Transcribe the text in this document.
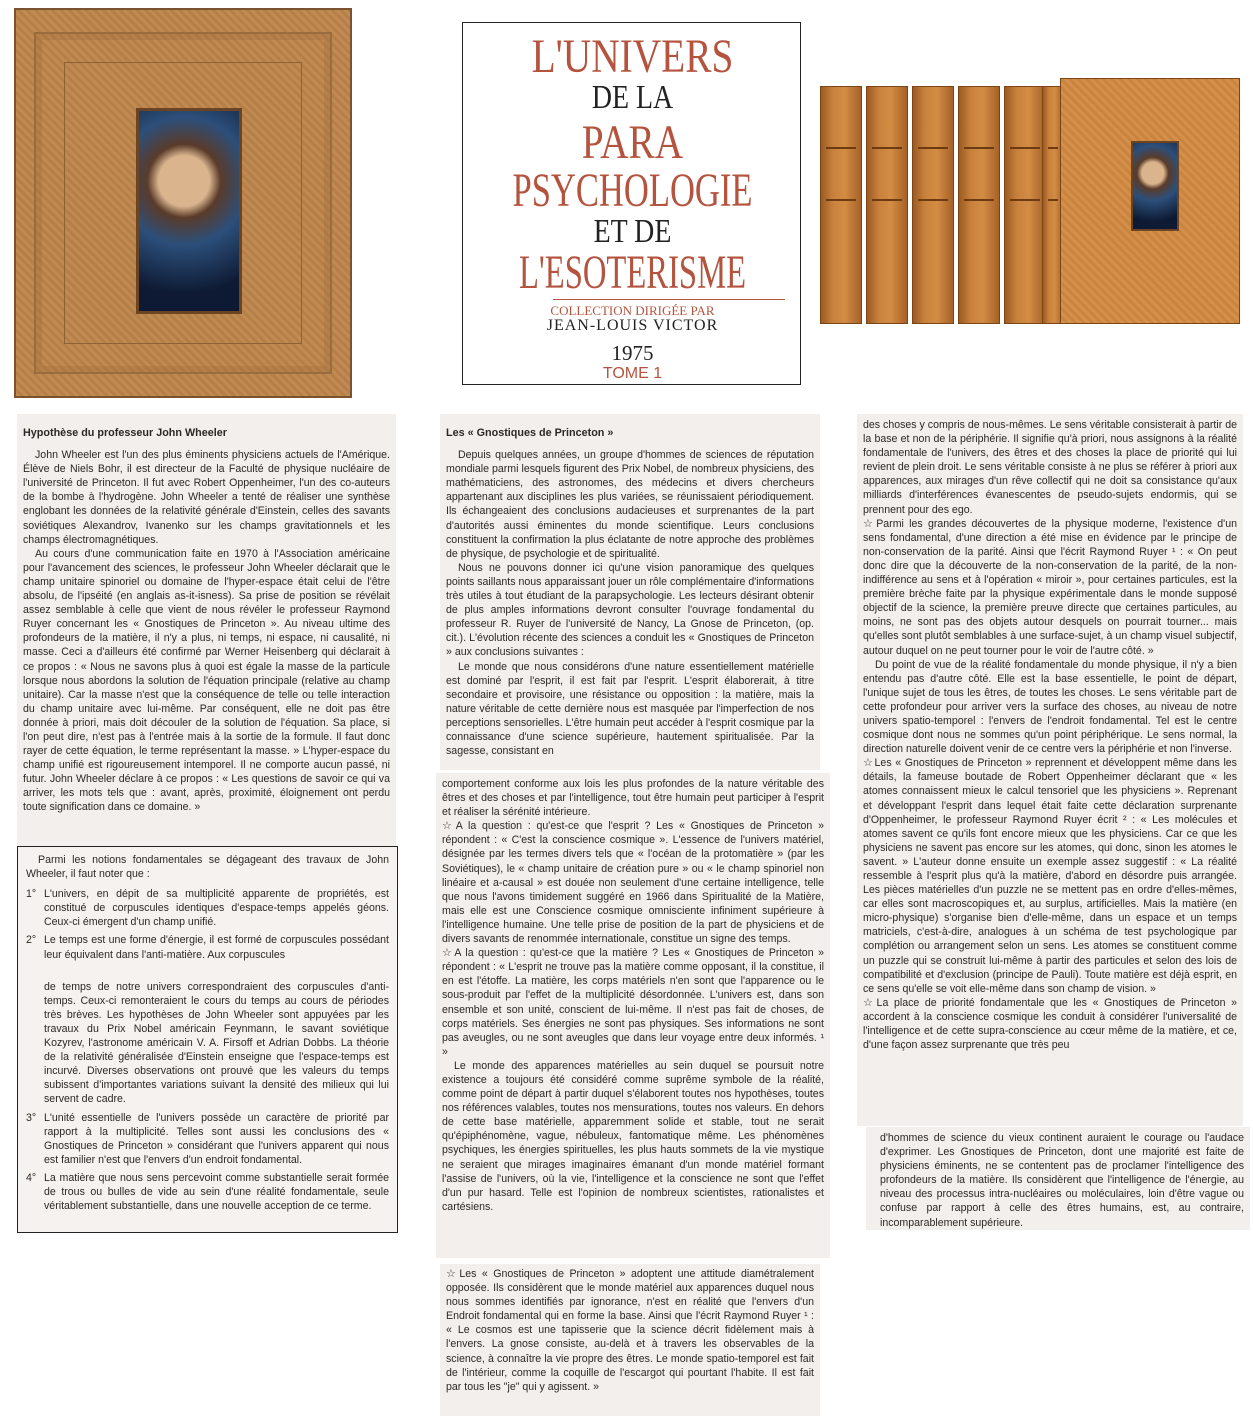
L'UNIVERS
DE LA
PARA
PSYCHOLOGIE
ET DE
L'ESOTERISME
COLLECTION DIRIGÉE PAR
JEAN-LOUIS VICTOR
1975
TOME 1
Hypothèse du professeur John Wheeler

John Wheeler est l'un des plus éminents physiciens actuels de l'Amérique. Élève de Niels Bohr, il est directeur de la Faculté de physique nucléaire de l'université de Princeton. Il fut avec Robert Oppenheimer, l'un des co-auteurs de la bombe à l'hydrogène. John Wheeler a tenté de réaliser une synthèse englobant les données de la relativité générale d'Einstein, celles des savants soviétiques Alexandrov, Ivanenko sur les champs gravitationnels et les champs électromagnétiques.

Au cours d'une communication faite en 1970 à l'Association américaine pour l'avancement des sciences, le professeur John Wheeler déclarait que le champ unitaire spinoriel ou domaine de l'hyper-espace était celui de l'être absolu, de l'ipséité (en anglais as-it-isness). Sa prise de position se révélait assez semblable à celle que vient de nous révéler le professeur Raymond Ruyer concernant les « Gnostiques de Princeton ». Au niveau ultime des profondeurs de la matière, il n'y a plus, ni temps, ni espace, ni causalité, ni masse. Ceci a d'ailleurs été confirmé par Werner Heisenberg qui déclarait à ce propos : « Nous ne savons plus à quoi est égale la masse de la particule lorsque nous abordons la solution de l'équation principale (relative au champ unitaire). Car la masse n'est que la conséquence de telle ou telle interaction du champ unitaire avec lui-même. Par conséquent, elle ne doit pas être donnée à priori, mais doit découler de la solution de l'équation. Sa place, si l'on peut dire, n'est pas à l'entrée mais à la sortie de la formule. Il faut donc rayer de cette équation, le terme représentant la masse. » L'hyper-espace du champ unifié est rigoureusement intemporel. Il ne comporte aucun passé, ni futur. John Wheeler déclare à ce propos : « Les questions de savoir ce qui va arriver, les mots tels que : avant, après, proximité, éloignement ont perdu toute signification dans ce domaine. »

Parmi les notions fondamentales se dégageant des travaux de John Wheeler, il faut noter que :

1° L'univers, en dépit de sa multiplicité apparente de propriétés, est constitué de corpuscules identiques d'espace-temps appelés géons. Ceux-ci émergent d'un champ unifié.

2° Le temps est une forme d'énergie, il est formé de corpuscules possédant leur équivalent dans l'anti-matière. Aux corpuscules

de temps de notre univers correspondraient des corpuscules d'anti-temps. Ceux-ci remonteraient le cours du temps au cours de périodes très brèves. Les hypothèses de John Wheeler sont appuyées par les travaux du Prix Nobel américain Feynmann, le savant soviétique Kozyrev, l'astronome américain V. A. Firsoff et Adrian Dobbs. La théorie de la relativité généralisée d'Einstein enseigne que l'espace-temps est incurvé. Diverses observations ont prouvé que les valeurs du temps subissent d'importantes variations suivant la densité des milieux qui lui servent de cadre.

3° L'unité essentielle de l'univers possède un caractère de priorité par rapport à la multiplicité. Telles sont aussi les conclusions des « Gnostiques de Princeton » considérant que l'univers apparent qui nous est familier n'est que l'envers d'un endroit fondamental.

4° La matière que nous sens percevoint comme substantielle serait formée de trous ou bulles de vide au sein d'une réalité fondamentale, seule véritablement substantielle, dans une nouvelle acception de ce terme.

Les « Gnostiques de Princeton »

Depuis quelques années, un groupe d'hommes de sciences de réputation mondiale parmi lesquels figurent des Prix Nobel, de nombreux physiciens, des mathématiciens, des astronomes, des médecins et divers chercheurs appartenant aux disciplines les plus variées, se réunissaient périodiquement. Ils échangeaient des conclusions audacieuses et surprenantes de la part d'autorités aussi éminentes du monde scientifique. Leurs conclusions constituent la confirmation la plus éclatante de notre approche des problèmes de physique, de psychologie et de spiritualité.

Nous ne pouvons donner ici qu'une vision panoramique des quelques points saillants nous apparaissant jouer un rôle complémentaire d'informations très utiles à tout étudiant de la parapsychologie. Les lecteurs désirant obtenir de plus amples informations devront consulter l'ouvrage fondamental du professeur R. Ruyer de l'université de Nancy, La Gnose de Princeton, (op. cit.). L'évolution récente des sciences a conduit les « Gnostiques de Princeton » aux conclusions suivantes :

Le monde que nous considérons d'une nature essentiellement matérielle est dominé par l'esprit, il est fait par l'esprit. L'esprit élaborerait, à titre secondaire et provisoire, une résistance ou opposition : la matière, mais la nature véritable de cette dernière nous est masquée par l'imperfection de nos perceptions sensorielles. L'être humain peut accéder à l'esprit cosmique par la connaissance d'une science supérieure, hautement spiritualisée. Par la sagesse, consistant en

comportement conforme aux lois les plus profondes de la nature véritable des êtres et des choses et par l'intelligence, tout être humain peut participer à l'esprit et réaliser la sérénité intérieure.

☆A la question : qu'est-ce que l'esprit ? Les « Gnostiques de Princeton » répondent : « C'est la conscience cosmique ». L'essence de l'univers matériel, désignée par les termes divers tels que « l'océan de la protomatière » (par les Soviétiques), le « champ unitaire de création pure » ou « le champ spinoriel non linéaire et a-causal » est douée non seulement d'une certaine intelligence, telle que nous l'avons timidement suggéré en 1966 dans Spiritualité de la Matière, mais elle est une Conscience cosmique omnisciente infiniment supérieure à l'intelligence humaine. Une telle prise de position de la part de physiciens et de divers savants de renommée internationale, constitue un signe des temps.

☆A la question : qu'est-ce que la matière ? Les « Gnostiques de Princeton » répondent : « L'esprit ne trouve pas la matière comme opposant, il la constitue, il en est l'étoffe. La matière, les corps matériels n'en sont que l'apparence ou le sous-produit par l'effet de la multiplicité désordonnée. L'univers est, dans son ensemble et son unité, conscient de lui-même. Il n'est pas fait de choses, de corps matériels. Ses énergies ne sont pas physiques. Ses informations ne sont pas aveugles, ou ne sont aveugles que dans leur voyage entre deux informés. ¹ »

Le monde des apparences matérielles au sein duquel se poursuit notre existence a toujours été considéré comme suprême symbole de la réalité, comme point de départ à partir duquel s'élaborent toutes nos hypothèses, toutes nos références valables, toutes nos mensurations, toutes nos valeurs. En dehors de cette base matérielle, apparemment solide et stable, tout ne serait qu'épiphénomène, vague, nébuleux, fantomatique même. Les phénomènes psychiques, les énergies spirituelles, les plus hauts sommets de la vie mystique ne seraient que mirages imaginaires émanant d'un monde matériel formant l'assise de l'univers, où la vie, l'intelligence et la conscience ne sont que l'effet d'un pur hasard. Telle est l'opinion de nombreux scientistes, rationalistes et cartésiens.

☆Les « Gnostiques de Princeton » adoptent une attitude diamétralement opposée. Ils considèrent que le monde matériel aux apparences duquel nous nous sommes identifiés par ignorance, n'est en réalité que l'envers d'un Endroit fondamental qui en forme la base. Ainsi que l'écrit Raymond Ruyer ¹ : « Le cosmos est une tapisserie que la science décrit fidèlement mais à l'envers. La gnose consiste, au-delà et à travers les observables de la science, à connaître la vie propre des êtres. Le monde spatio-temporel est fait de l'intérieur, comme la coquille de l'escargot qui pourtant l'habite. Il est fait par tous les "je" qui y agissent. »

des choses y compris de nous-mêmes. Le sens véritable consisterait à partir de la base et non de la périphérie. Il signifie qu'à priori, nous assignons à la réalité fondamentale de l'univers, des êtres et des choses la place de priorité qui lui revient de plein droit. Le sens véritable consiste à ne plus se référer à priori aux apparences, aux mirages d'un rêve collectif qui ne doit sa consistance qu'aux milliards d'interférences évanescentes de pseudo-sujets endormis, qui se prennent pour des ego.

☆Parmi les grandes découvertes de la physique moderne, l'existence d'un sens fondamental, d'une direction a été mise en évidence par le principe de non-conservation de la parité. Ainsi que l'écrit Raymond Ruyer ¹ : « On peut donc dire que la découverte de la non-conservation de la parité, de la non-indifférence au sens et à l'opération « miroir », pour certaines particules, est la première brèche faite par la physique expérimentale dans le monde supposé objectif de la science, la première preuve directe que certaines particules, au moins, ne sont pas des objets autour desquels on pourrait tourner... mais qu'elles sont plutôt semblables à une surface-sujet, à un champ visuel subjectif, autour duquel on ne peut tourner pour le voir de l'autre côté. »

Du point de vue de la réalité fondamentale du monde physique, il n'y a bien entendu pas d'autre côté. Elle est la base essentielle, le point de départ, l'unique sujet de tous les êtres, de toutes les choses. Le sens véritable part de cette profondeur pour arriver vers la surface des choses, au niveau de notre univers spatio-temporel : l'envers de l'endroit fondamental. Tel est le centre cosmique dont nous ne sommes qu'un point périphérique. Le sens normal, la direction naturelle doivent venir de ce centre vers la périphérie et non l'inverse.

☆Les « Gnostiques de Princeton » reprennent et développent même dans les détails, la fameuse boutade de Robert Oppenheimer déclarant que « les atomes connaissent mieux le calcul tensoriel que les physiciens ». Reprenant et développant l'esprit dans lequel était faite cette déclaration surprenante d'Oppenheimer, le professeur Raymond Ruyer écrit ² : « Les molécules et atomes savent ce qu'ils font encore mieux que les physiciens. Car ce que les physiciens ne savent pas encore sur les atomes, qui donc, sinon les atomes le savent. » L'auteur donne ensuite un exemple assez suggestif : « La réalité ressemble à l'esprit plus qu'à la matière, d'abord en désordre puis arrangée. Les pièces matérielles d'un puzzle ne se mettent pas en ordre d'elles-mêmes, car elles sont macroscopiques et, au surplus, artificielles. Mais la matière (en micro-physique) s'organise bien d'elle-même, dans un espace et un temps matriciels, c'est-à-dire, analogues à un schéma de test psychologique par complétion ou arrangement selon un sens. Les atomes se constituent comme un puzzle qui se construit lui-même à partir des particules et selon des lois de compatibilité et d'exclusion (principe de Pauli). Toute matière est déjà esprit, en ce sens qu'elle se voit elle-même dans son champ de vision. »

☆La place de priorité fondamentale que les « Gnostiques de Princeton » accordent à la conscience cosmique les conduit à considérer l'universalité de l'intelligence et de cette supra-conscience au cœur même de la matière, et ce, d'une façon assez surprenante que très peu

d'hommes de science du vieux continent auraient le courage ou l'audace d'exprimer. Les Gnostiques de Princeton, dont une majorité est faite de physiciens éminents, ne se contentent pas de proclamer l'intelligence des profondeurs de la matière. Ils considèrent que l'intelligence de l'énergie, au niveau des processus intra-nucléaires ou moléculaires, loin d'être vague ou confuse par rapport à celle des êtres humains, est, au contraire, incomparablement supérieure.
